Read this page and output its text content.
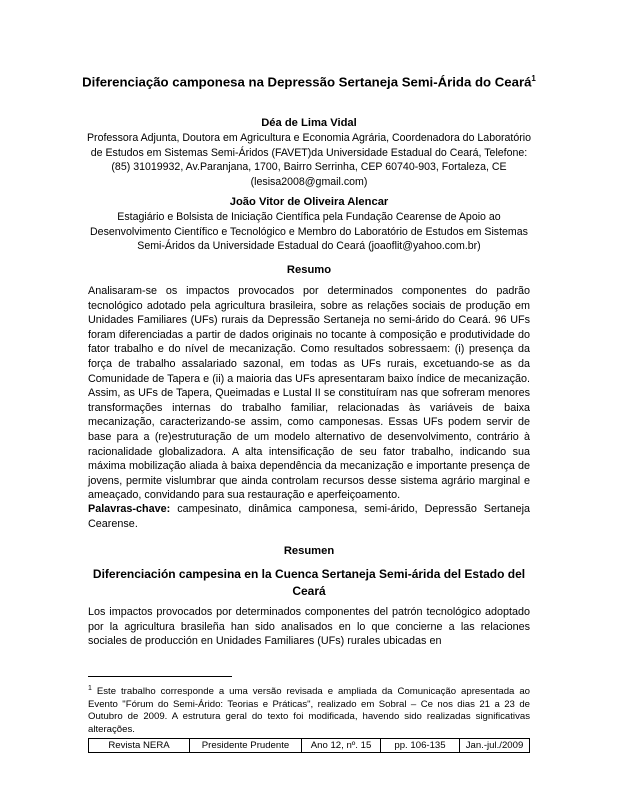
Diferenciação camponesa na Depressão Sertaneja Semi-Árida do Ceará$^1$
Déa de Lima Vidal
Professora Adjunta, Doutora em Agricultura e Economia Agrária, Coordenadora do Laboratório de Estudos em Sistemas Semi-Áridos (FAVET)da Universidade Estadual do Ceará, Telefone: (85) 31019932, Av.Paranjana, 1700, Bairro Serrinha, CEP 60740-903, Fortaleza, CE (lesisa2008@gmail.com)
João Vitor de Oliveira Alencar
Estagiário e Bolsista de Iniciação Científica pela Fundação Cearense de Apoio ao Desenvolvimento Científico e Tecnológico e Membro do Laboratório de Estudos em Sistemas Semi-Áridos da Universidade Estadual do Ceará (joaoflit@yahoo.com.br)
Resumo
Analisaram-se os impactos provocados por determinados componentes do padrão tecnológico adotado pela agricultura brasileira, sobre as relações sociais de produção em Unidades Familiares (UFs) rurais da Depressão Sertaneja no semi-árido do Ceará. 96 UFs foram diferenciadas a partir de dados originais no tocante à composição e produtividade do fator trabalho e do nível de mecanização. Como resultados sobressaem: (i) presença da força de trabalho assalariado sazonal, em todas as UFs rurais, excetuando-se as da Comunidade de Tapera e (ii) a maioria das UFs apresentaram baixo índice de mecanização. Assim, as UFs de Tapera, Queimadas e Lustal II se constituíram nas que sofreram menores transformações internas do trabalho familiar, relacionadas às variáveis de baixa mecanização, caracterizando-se assim, como camponesas. Essas UFs podem servir de base para a (re)estruturação de um modelo alternativo de desenvolvimento, contrário à racionalidade globalizadora. A alta intensificação de seu fator trabalho, indicando sua máxima mobilização aliada à baixa dependência da mecanização e importante presença de jovens, permite vislumbrar que ainda controlam recursos desse sistema agrário marginal e ameaçado, convidando para sua restauração e aperfeiçoamento.
Palavras-chave: campesinato, dinâmica camponesa, semi-árido, Depressão Sertaneja Cearense.
Resumen
Diferenciación campesina en la Cuenca Sertaneja Semi-árida del Estado del Ceará
Los impactos provocados por determinados componentes del patrón tecnológico adoptado por la agricultura brasileña han sido analisados en lo que concierne a las relaciones sociales de producción en Unidades Familiares (UFs) rurales ubicadas en
$^1$ Este trabalho corresponde a uma versão revisada e ampliada da Comunicação apresentada ao Evento "Fórum do Semi-Árido: Teorias e Práticas", realizado em Sobral – Ce nos dias 21 a 23 de Outubro de 2009. A estrutura geral do texto foi modificada, havendo sido realizadas significativas alterações.
Revista NERA	Presidente Prudente	Ano 12, nº. 15	pp. 106-135	Jan.-jul./2009
